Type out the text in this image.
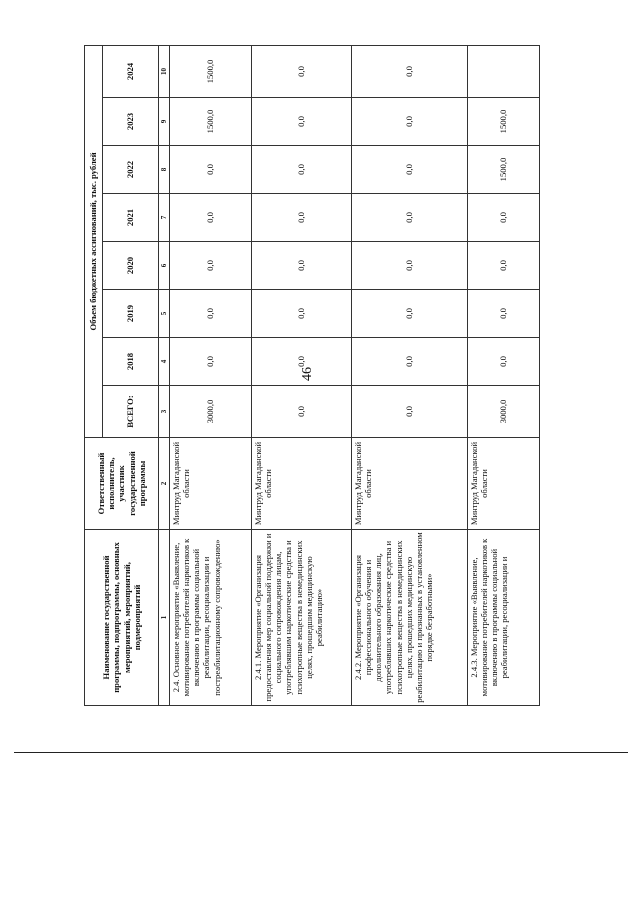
46
Наименование государственной программы, подпрограммы, основных мероприятий, мероприятий, подмероприятий	Ответственный исполнитель, участник государственной программы	Объем бюджетных ассигнований, тыс. рублей							
		ВСЕГО:	2018	2019	2020	2021	2022	2023	2024
1	2	3	4	5	6	7	8	9	10
2.4. Основное мероприятие «Выявление, мотивирование потребителей наркотиков к включению в программы социальной реабилитации, ресоциализации и постреабилитационному сопровождению»	Минтруд Магаданской области	3000,0	0,0	0,0	0,0	0,0	0,0	1500,0	1500,0
2.4.1. Мероприятие «Организация предоставления мер социальной поддержки и социального сопровождения лицам, употреблявшим наркотические средства и психотропные вещества в немедицинских целях, прошедшим медицинскую реабилитацию»	Минтруд Магаданской области	0,0	0,0	0,0	0,0	0,0	0,0	0,0	0,0
2.4.2. Мероприятие «Организация профессионального обучения и дополнительного образования лиц, употреблявших наркотические средства и психотропные вещества в немедицинских целях, прошедших медицинскую реабилитацию и признанных в установленном порядке безработными»	Минтруд Магаданской области	0,0	0,0	0,0	0,0	0,0	0,0	0,0	0,0
2.4.3. Мероприятие «Выявление, мотивирование потребителей наркотиков к включению в программы социальной реабилитации, ресоциализации и	Минтруд Магаданской области	3000,0	0,0	0,0	0,0	0,0	1500,0	1500,0	
